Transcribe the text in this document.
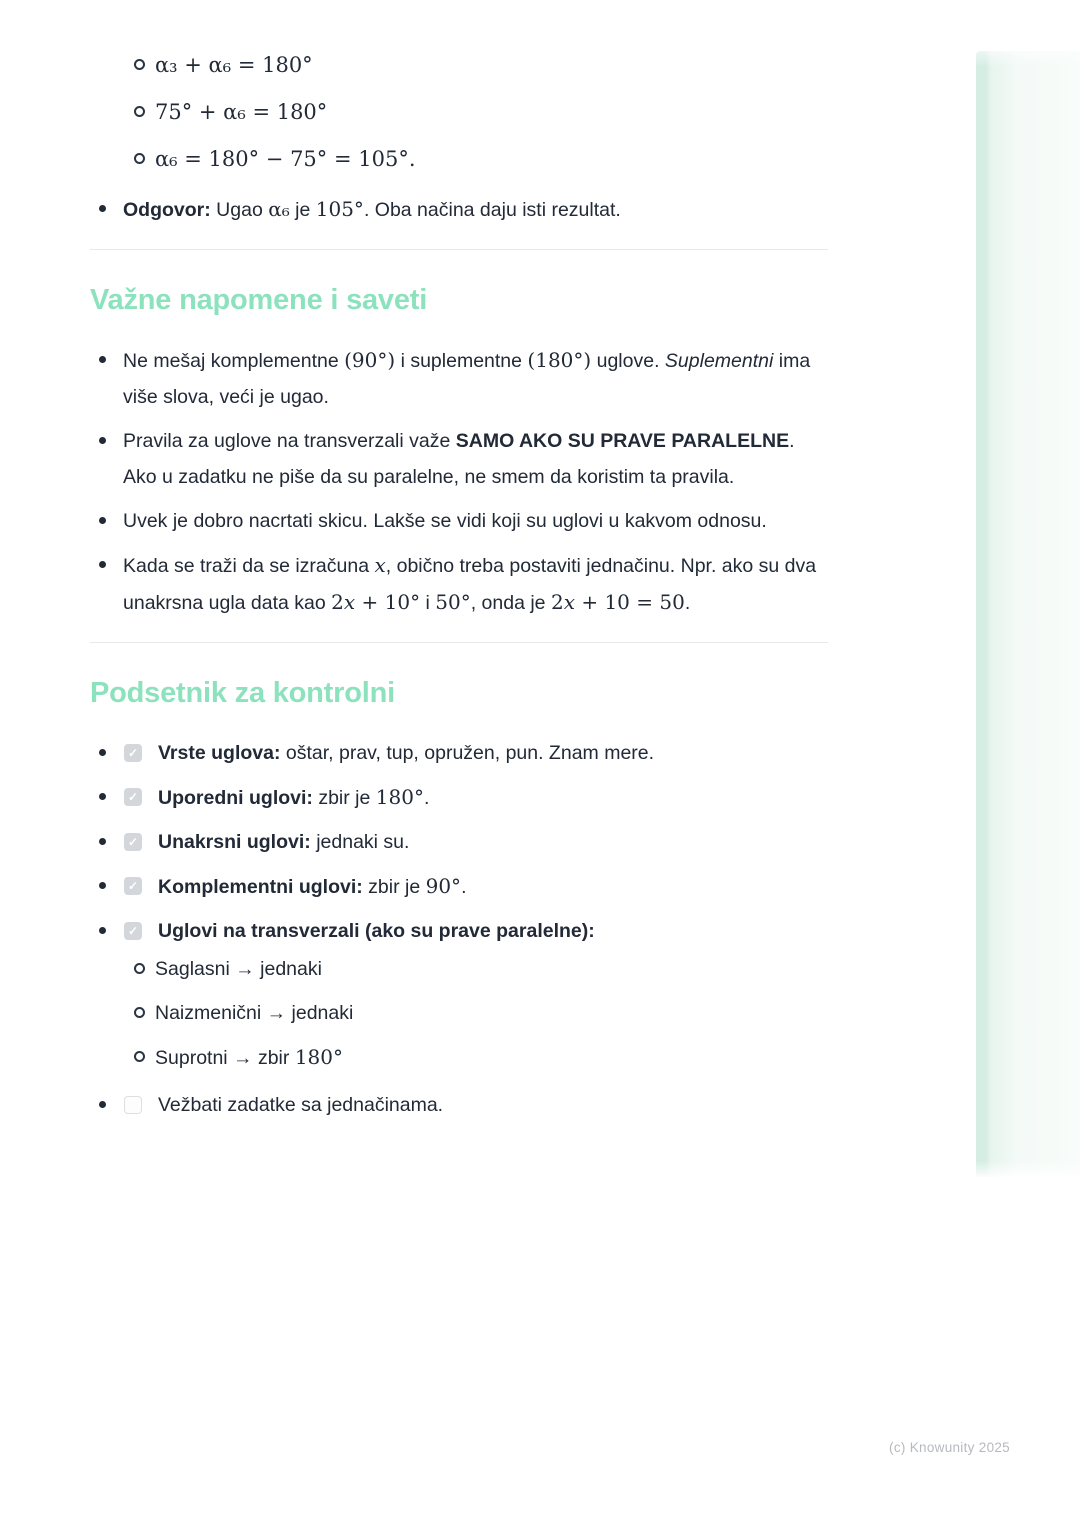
α₃ + α₆ = 180°
75° + α₆ = 180°
α₆ = 180° − 75° = 105°.
Odgovor: Ugao α₆ je 105°. Oba načina daju isti rezultat.
Važne napomene i saveti
Ne mešaj komplementne (90°) i suplementne (180°) uglove. Suplementni ima više slova, veći je ugao.
Pravila za uglove na transverzali važe SAMO AKO SU PRAVE PARALELNE. Ako u zadatku ne piše da su paralelne, ne smem da koristim ta pravila.
Uvek je dobro nacrtati skicu. Lakše se vidi koji su uglovi u kakvom odnosu.
Kada se traži da se izračuna x, obično treba postaviti jednačinu. Npr. ako su dva unakrsna ugla data kao 2x + 10° i 50°, onda je 2x + 10 = 50.
Podsetnik za kontrolni
✓
Vrste uglova: oštar, prav, tup, opružen, pun. Znam mere.
✓
Uporedni uglovi: zbir je 180°.
✓
Unakrsni uglovi: jednaki su.
✓
Komplementni uglovi: zbir je 90°.
✓
Uglovi na transverzali (ako su prave paralelne):
Saglasni → jednaki
Naizmenični → jednaki
Suprotni → zbir 180°
Vežbati zadatke sa jednačinama.
(c) Knowunity 2025
